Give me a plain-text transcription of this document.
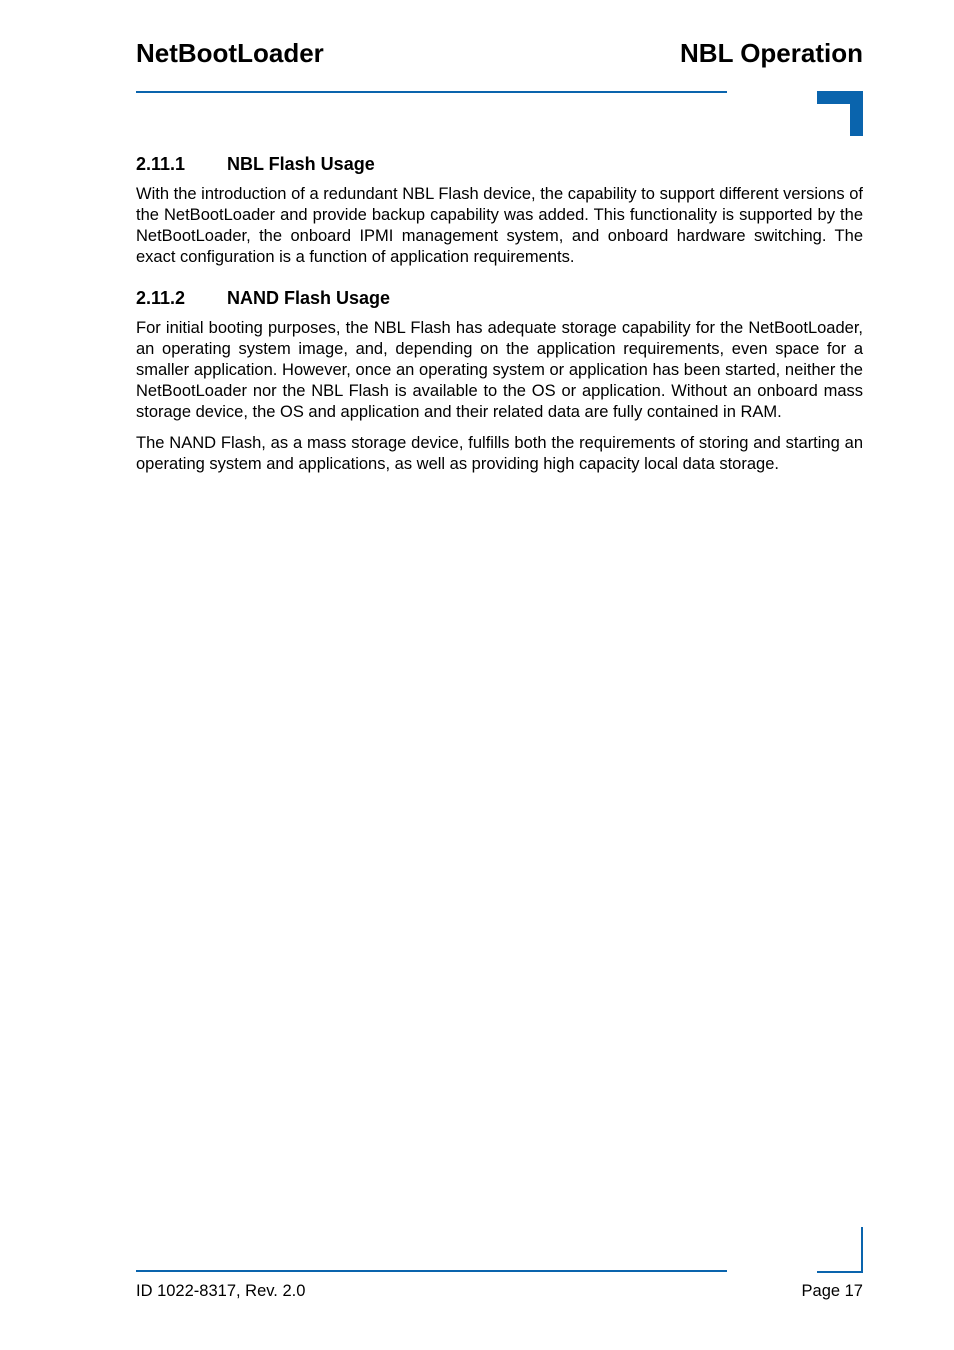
NetBootLoader	NBL Operation
2.11.1	NBL Flash Usage

With the introduction of a redundant NBL Flash device, the capability to support different versions of the NetBootLoader and provide backup capability was added. This functionality is supported by the NetBootLoader, the onboard IPMI management system, and onboard hardware switching. The exact configuration is a function of application requirements.

2.11.2	NAND Flash Usage

For initial booting purposes, the NBL Flash has adequate storage capability for the NetBootLoader, an operating system image, and, depending on the application requirements, even space for a smaller application. However, once an operating system or application has been started, neither the NetBootLoader nor the NBL Flash is available to the OS or application. Without an onboard mass storage device, the OS and application and their related data are fully contained in RAM.

The NAND Flash, as a mass storage device, fulfills both the requirements of storing and starting an operating system and applications, as well as providing high capacity local data storage.

ID 1022-8317, Rev. 2.0	Page 17
